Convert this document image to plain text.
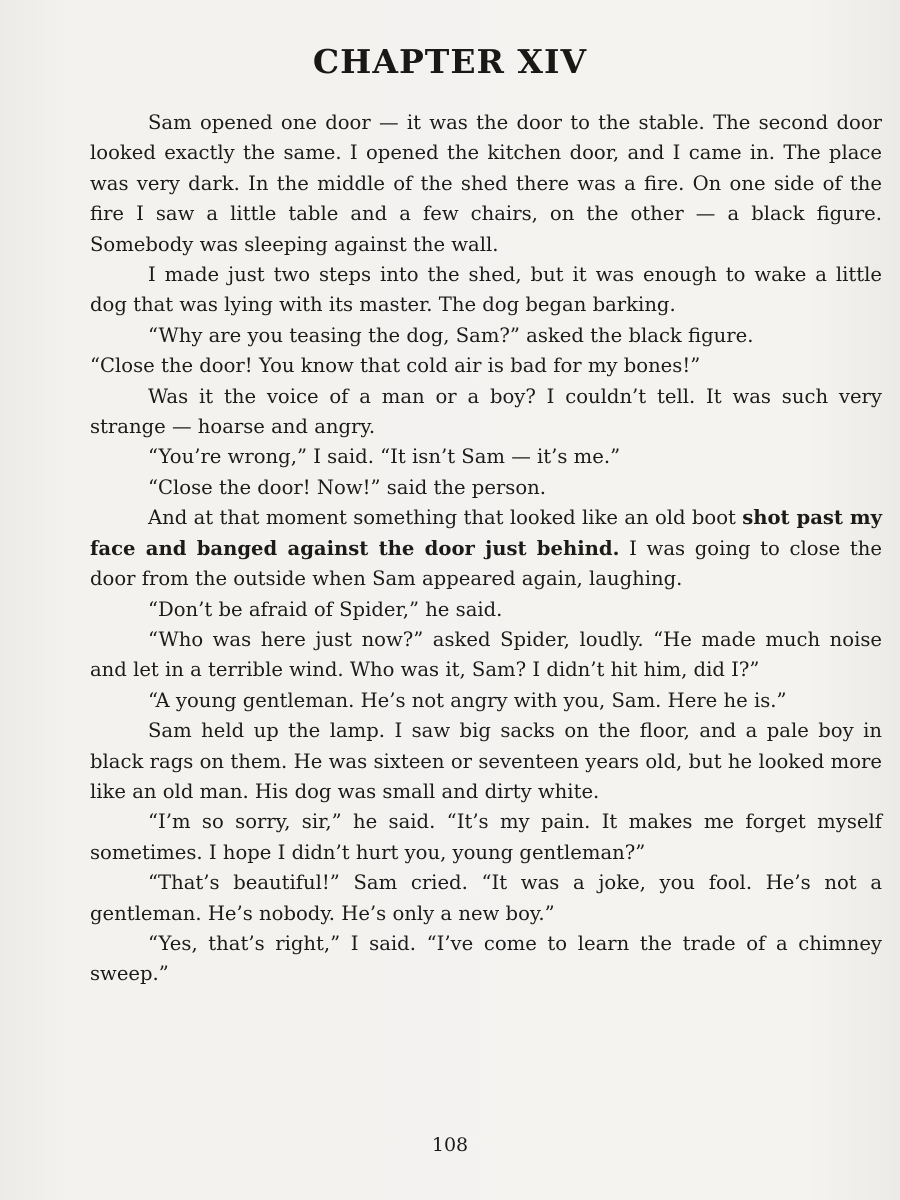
CHAPTER XIV

Sam opened one door — it was the door to the stable. The second door looked exactly the same. I opened the kitchen door, and I came in. The place was very dark. In the middle of the shed there was a fire. On one side of the fire I saw a little table and a few chairs, on the other — a black figure. Somebody was sleeping against the wall.

I made just two steps into the shed, but it was enough to wake a little dog that was lying with its master. The dog began barking.

“Why are you teasing the dog, Sam?” asked the black figure.

“Close the door! You know that cold air is bad for my bones!”

Was it the voice of a man or a boy? I couldn’t tell. It was such very strange — hoarse and angry.

“You’re wrong,” I said. “It isn’t Sam — it’s me.”

“Close the door! Now!” said the person.

And at that moment something that looked like an old boot shot past my face and banged against the door just behind. I was going to close the door from the outside when Sam appeared again, laughing.

“Don’t be afraid of Spider,” he said.

“Who was here just now?” asked Spider, loudly. “He made much noise and let in a terrible wind. Who was it, Sam? I didn’t hit him, did I?”

“A young gentleman. He’s not angry with you, Sam. Here he is.”

Sam held up the lamp. I saw big sacks on the floor, and a pale boy in black rags on them. He was sixteen or seventeen years old, but he looked more like an old man. His dog was small and dirty white.

“I’m so sorry, sir,” he said. “It’s my pain. It makes me forget myself sometimes. I hope I didn’t hurt you, young gentleman?”

“That’s beautiful!” Sam cried. “It was a joke, you fool. He’s not a gentleman. He’s nobody. He’s only a new boy.”

“Yes, that’s right,” I said. “I’ve come to learn the trade of a chimney sweep.”

108
